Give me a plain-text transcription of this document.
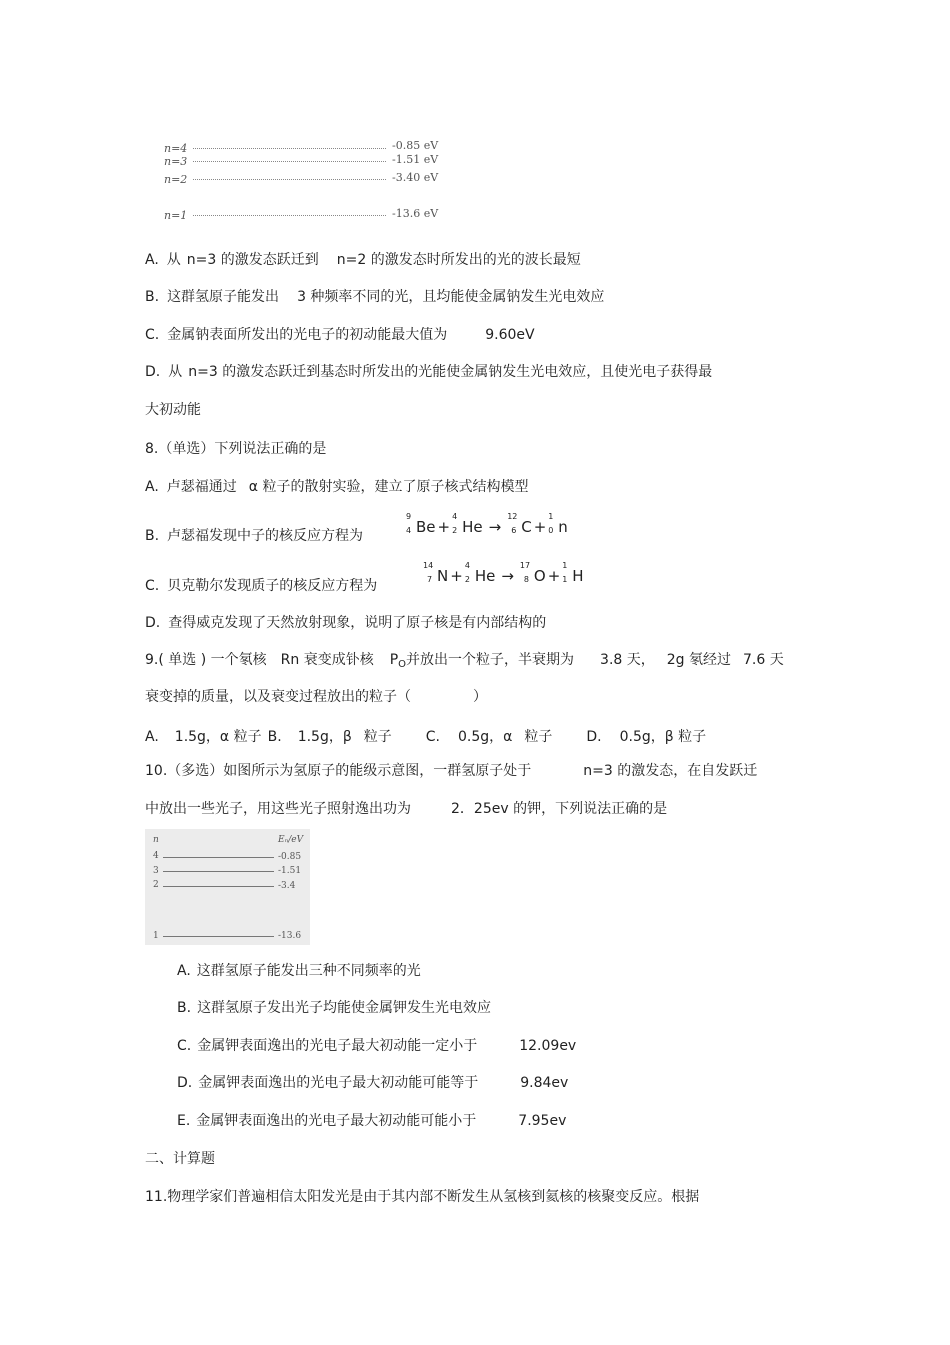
n=4	-0.85 eV
n=3	-1.51 eV
n=2	-3.40 eV
n=1	-13.6 eV
A. 从 n=3 的激发态跃迁到 n=2 的激发态时所发出的光的波长最短
B. 这群氢原子能发出 3 种频率不同的光，且均能使金属钠发生光电效应
C. 金属钠表面所发出的光电子的初动能最大值为	9.60eV
D. 从 n=3 的激发态跃迁到基态时所发出的光能使金属钠发生光电效应，且使光电子获得最
大初动能
8.（单选）下列说法正确的是
A. 卢瑟福通过 α 粒子的散射实验，建立了原子核式结构模型
B. 卢瑟福发现中子的核反应方程为
9
4 Be +
4
2 He →
12
6 C +
1
0 n
C. 贝克勒尔发现质子的核反应方程为
14
7 N +
4
2 He →
17
8 O +
1
1 H
D. 查得威克发现了天然放射现象，说明了原子核是有内部结构的
9.( 单选 ) 一个氡核 Rn 衰变成钋核 $P_O$并放出一个粒子，半衰期为 3.8 天， 2g 氡经过 7.6 天
衰变掉的质量，以及衰变过程放出的粒子（	）
A. 1.5g，α 粒子 B. 1.5g，β 粒子 C. 0.5g，α 粒子 D. 0.5g，β 粒子
10.（多选）如图所示为氢原子的能级示意图，一群氢原子处于	n=3 的激发态，在自发跃迁
中放出一些光子，用这些光子照射逸出功为	2．25ev 的钾，下列说法正确的是
n	Eₙ/eV
4	-0.85
3	-1.51
2	-3.4
1	-13.6
A. 这群氢原子能发出三种不同频率的光
B. 这群氢原子发出光子均能使金属钾发生光电效应
C. 金属钾表面逸出的光电子最大初动能一定小于	12.09ev
D. 金属钾表面逸出的光电子最大初动能可能等于	9.84ev
E. 金属钾表面逸出的光电子最大初动能可能小于	7.95ev
二、计算题
11.物理学家们普遍相信太阳发光是由于其内部不断发生从氢核到氦核的核聚变反应。根据
